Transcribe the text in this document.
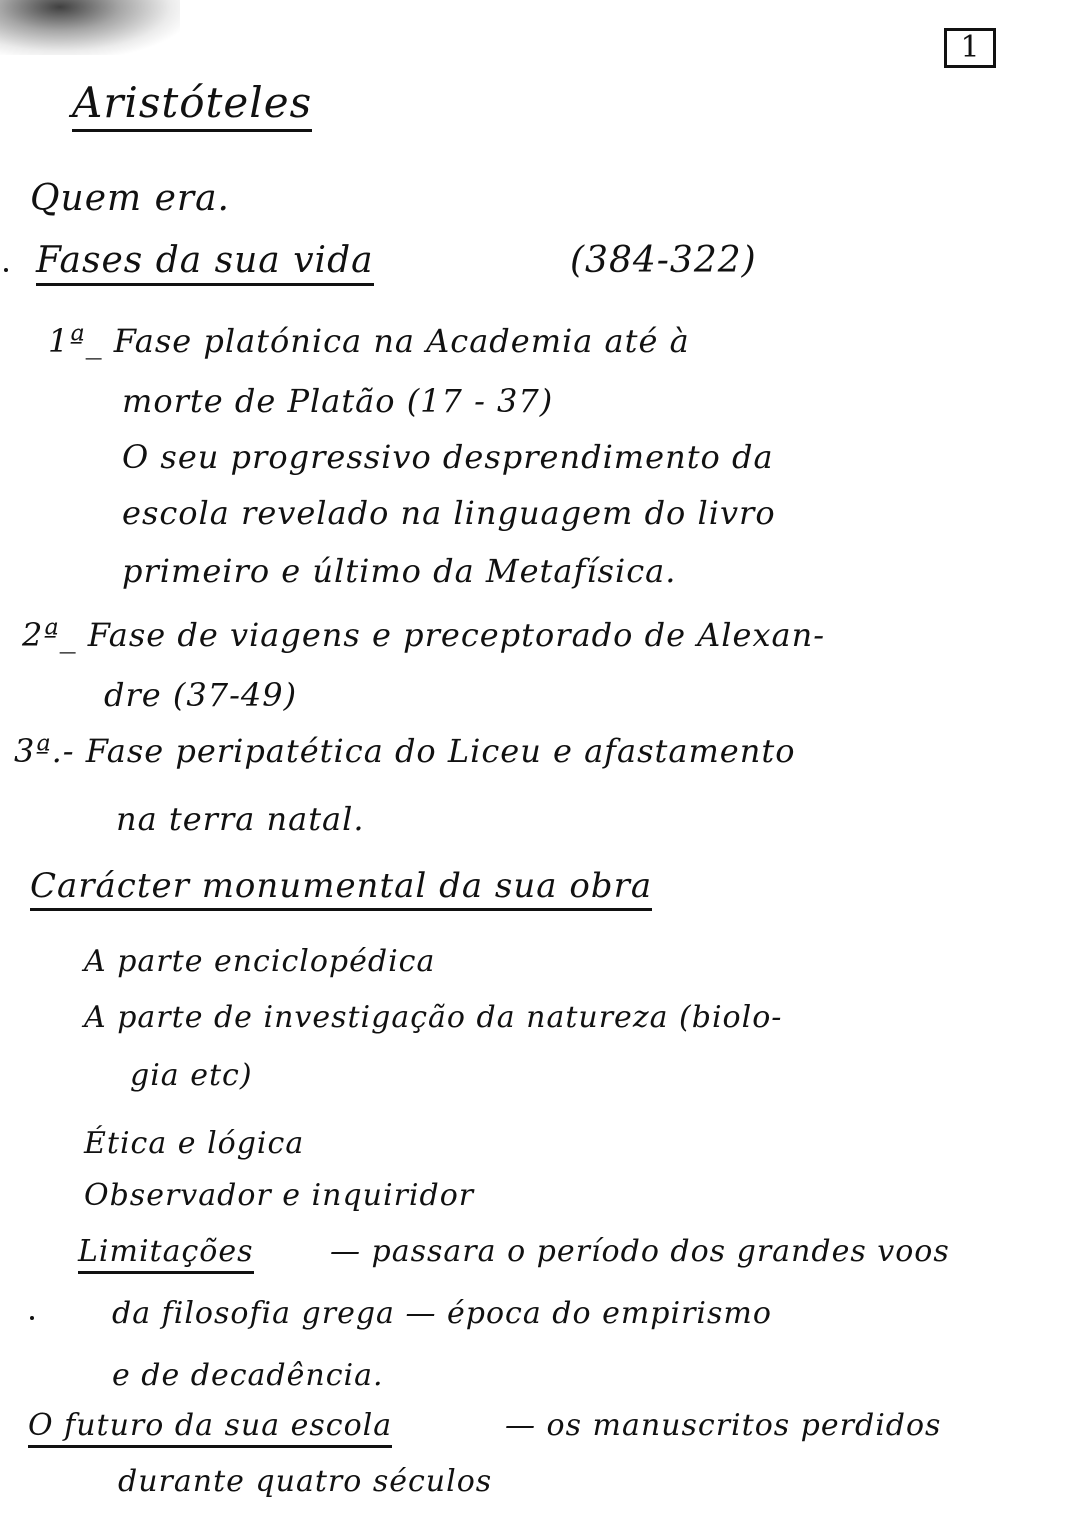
1
Aristóteles
Quem era.
Fases da sua vida	(384-322)
1ª_ Fase platónica na Academia até à
morte de Platão (17 - 37)
O seu progressivo desprendimento da
escola revelado na linguagem do livro
primeiro e último da Metafísica.
2ª_ Fase de viagens e preceptorado de Alexan-
dre (37-49)
3ª.- Fase peripatética do Liceu e afastamento
na terra natal.
Carácter monumental da sua obra
A parte enciclopédica
A parte de investigação da natureza (biolo-
gia etc)
Ética e lógica
Observador e inquiridor
Limitações	— passara o período dos grandes voos
da filosofia grega — época do empirismo
e de decadência.
O futuro da sua escola	— os manuscritos perdidos
durante quatro séculos
